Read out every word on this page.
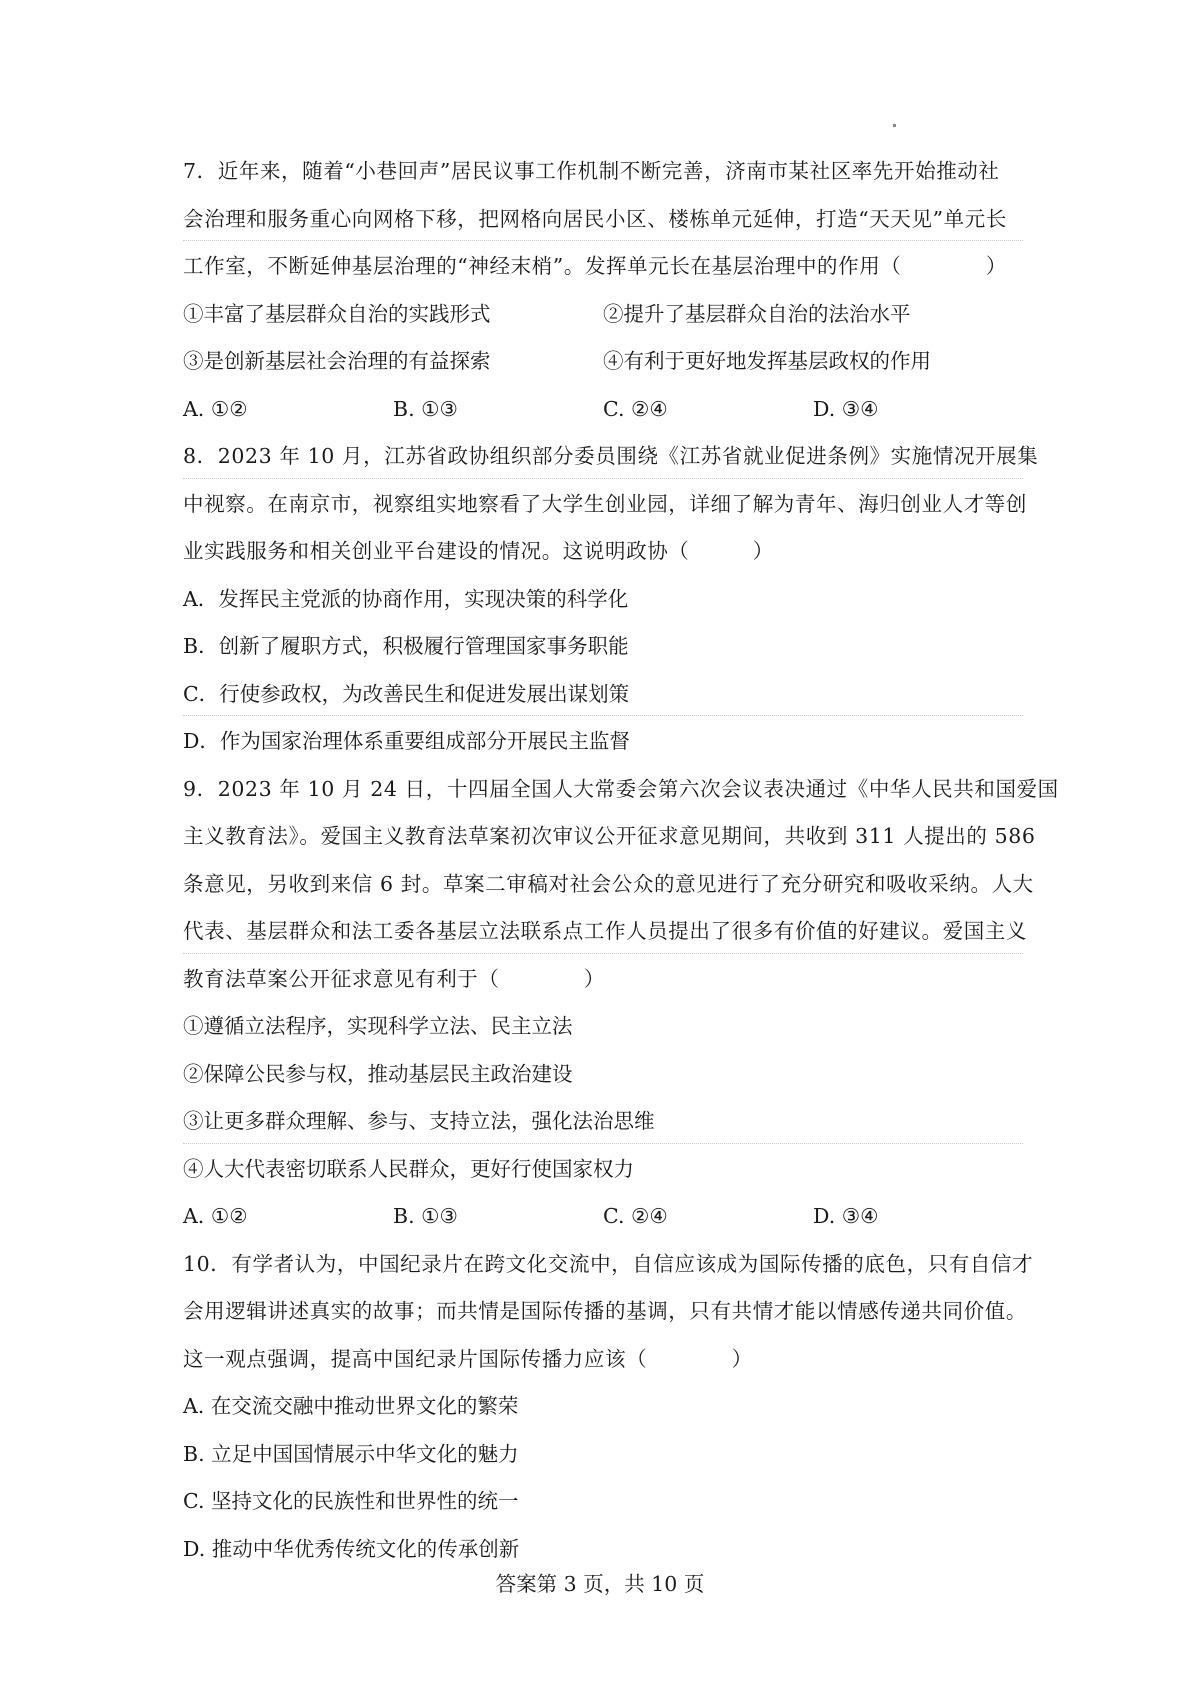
7．近年来，随着“小巷回声”居民议事工作机制不断完善，济南市某社区率先开始推动社
会治理和服务重心向网格下移，把网格向居民小区、楼栋单元延伸，打造“天天见”单元长
工作室，不断延伸基层治理的“神经末梢”。发挥单元长在基层治理中的作用（　　　　）
①丰富了基层群众自治的实践形式	②提升了基层群众自治的法治水平
③是创新基层社会治理的有益探索	④有利于更好地发挥基层政权的作用
A. ①②	B. ①③	C. ②④	D. ③④
8．2023 年 10 月，江苏省政协组织部分委员围绕《江苏省就业促进条例》实施情况开展集
中视察。在南京市，视察组实地察看了大学生创业园，详细了解为青年、海归创业人才等创
业实践服务和相关创业平台建设的情况。这说明政协（　　　）
A．发挥民主党派的协商作用，实现决策的科学化
B．创新了履职方式，积极履行管理国家事务职能
C．行使参政权，为改善民生和促进发展出谋划策
D．作为国家治理体系重要组成部分开展民主监督
9．2023 年 10 月 24 日，十四届全国人大常委会第六次会议表决通过《中华人民共和国爱国
主义教育法》。爱国主义教育法草案初次审议公开征求意见期间，共收到 311 人提出的 586
条意见，另收到来信 6 封。草案二审稿对社会公众的意见进行了充分研究和吸收采纳。人大
代表、基层群众和法工委各基层立法联系点工作人员提出了很多有价值的好建议。爱国主义
教育法草案公开征求意见有利于（　　　　）
①遵循立法程序，实现科学立法、民主立法
②保障公民参与权，推动基层民主政治建设
③让更多群众理解、参与、支持立法，强化法治思维
④人大代表密切联系人民群众，更好行使国家权力
A. ①②	B. ①③	C. ②④	D. ③④
10．有学者认为，中国纪录片在跨文化交流中，自信应该成为国际传播的底色，只有自信才
会用逻辑讲述真实的故事；而共情是国际传播的基调，只有共情才能以情感传递共同价值。
这一观点强调，提高中国纪录片国际传播力应该（　　　　）
A. 在交流交融中推动世界文化的繁荣
B. 立足中国国情展示中华文化的魅力
C. 坚持文化的民族性和世界性的统一
D. 推动中华优秀传统文化的传承创新
答案第 3 页，共 10 页
